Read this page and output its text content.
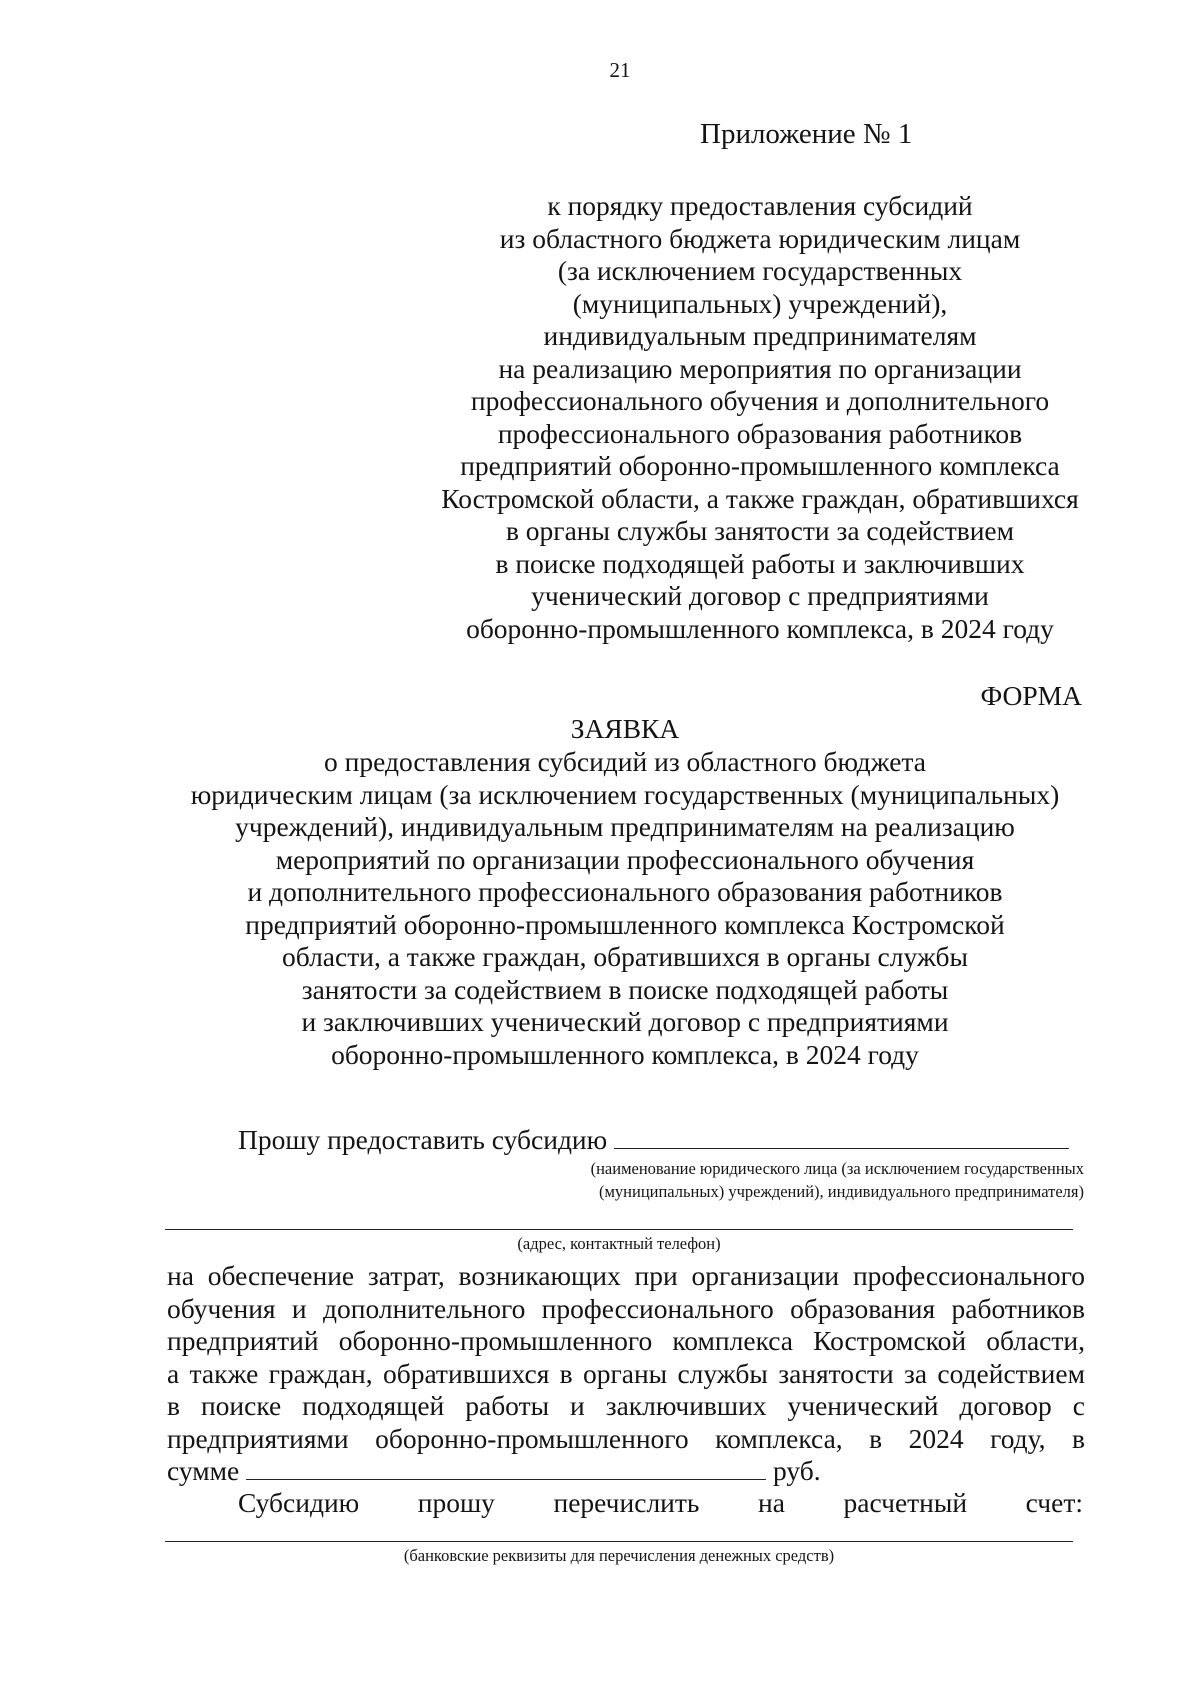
21
Приложение № 1
к порядку предоставления субсидий
из областного бюджета юридическим лицам
(за исключением государственных
(муниципальных) учреждений),
индивидуальным предпринимателям
на реализацию мероприятия по организации
профессионального обучения и дополнительного
профессионального образования работников
предприятий оборонно-промышленного комплекса
Костромской области, а также граждан, обратившихся
в органы службы занятости за содействием
в поиске подходящей работы и заключивших
ученический договор с предприятиями
оборонно-промышленного комплекса, в 2024 году
ФОРМА
ЗАЯВКА
о предоставления субсидий из областного бюджета
юридическим лицам (за исключением государственных (муниципальных)
учреждений), индивидуальным предпринимателям на реализацию
мероприятий по организации профессионального обучения
и дополнительного профессионального образования работников
предприятий оборонно-промышленного комплекса Костромской
области, а также граждан, обратившихся в органы службы
занятости за содействием в поиске подходящей работы
и заключивших ученический договор с предприятиями
оборонно-промышленного комплекса, в 2024 году
Прошу предоставить субсидию
(наименование юридического лица (за исключением государственных
(муниципальных) учреждений), индивидуального предпринимателя)
(адрес, контактный телефон)
на обеспечение затрат, возникающих при организации профессионального
обучения и дополнительного профессионального образования работников
предприятий оборонно-промышленного комплекса Костромской области,
а также граждан, обратившихся в органы службы занятости за содействием
в поиске подходящей работы и заключивших ученический договор с
предприятиями оборонно-промышленного комплекса, в 2024 году, в
сумме	руб.
Субсидию прошу перечислить на расчетный счет:
(банковские реквизиты для перечисления денежных средств)
